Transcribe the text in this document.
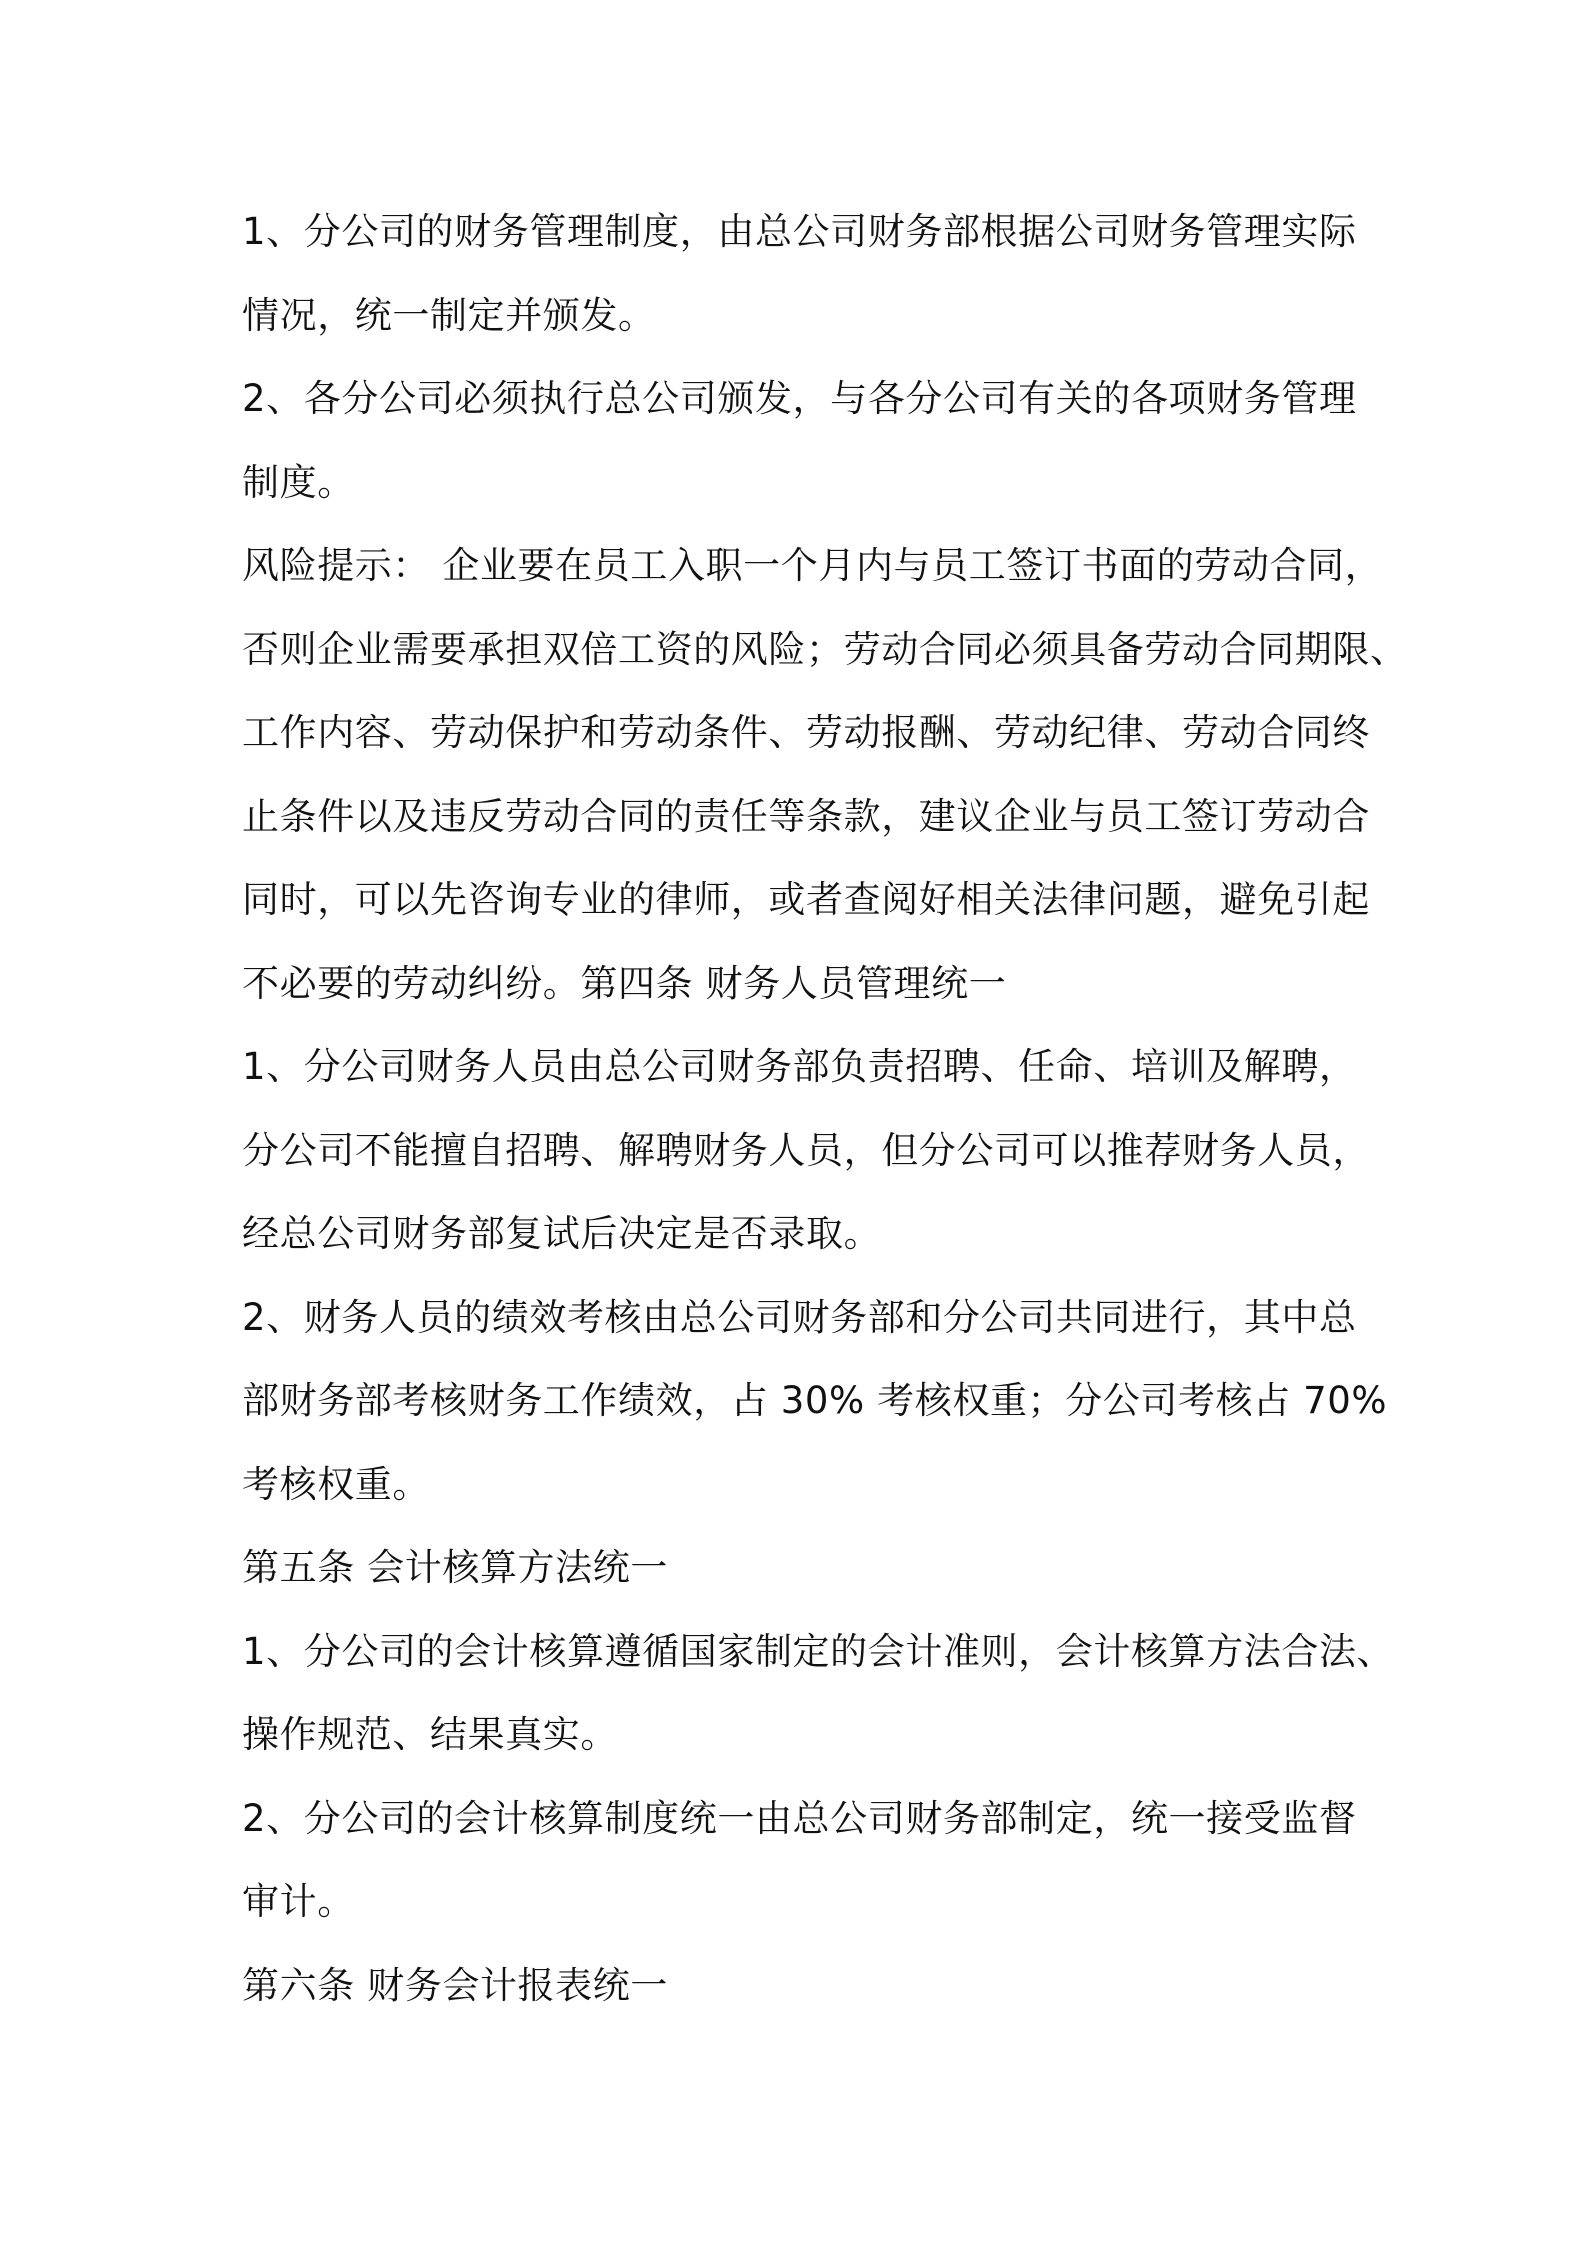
1、分公司的财务管理制度，由总公司财务部根据公司财务管理实际
情况，统一制定并颁发。
2、各分公司必须执行总公司颁发，与各分公司有关的各项财务管理
制度。
风险提示： 企业要在员工入职一个月内与员工签订书面的劳动合同，
否则企业需要承担双倍工资的风险；劳动合同必须具备劳动合同期限、
工作内容、劳动保护和劳动条件、劳动报酬、劳动纪律、劳动合同终
止条件以及违反劳动合同的责任等条款，建议企业与员工签订劳动合
同时，可以先咨询专业的律师，或者查阅好相关法律问题，避免引起
不必要的劳动纠纷。第四条 财务人员管理统一
1、分公司财务人员由总公司财务部负责招聘、任命、培训及解聘，
分公司不能擅自招聘、解聘财务人员，但分公司可以推荐财务人员，
经总公司财务部复试后决定是否录取。
2、财务人员的绩效考核由总公司财务部和分公司共同进行，其中总
部财务部考核财务工作绩效，占 30% 考核权重；分公司考核占 70%
考核权重。
第五条 会计核算方法统一
1、分公司的会计核算遵循国家制定的会计准则，会计核算方法合法、
操作规范、结果真实。
2、分公司的会计核算制度统一由总公司财务部制定，统一接受监督
审计。
第六条 财务会计报表统一
